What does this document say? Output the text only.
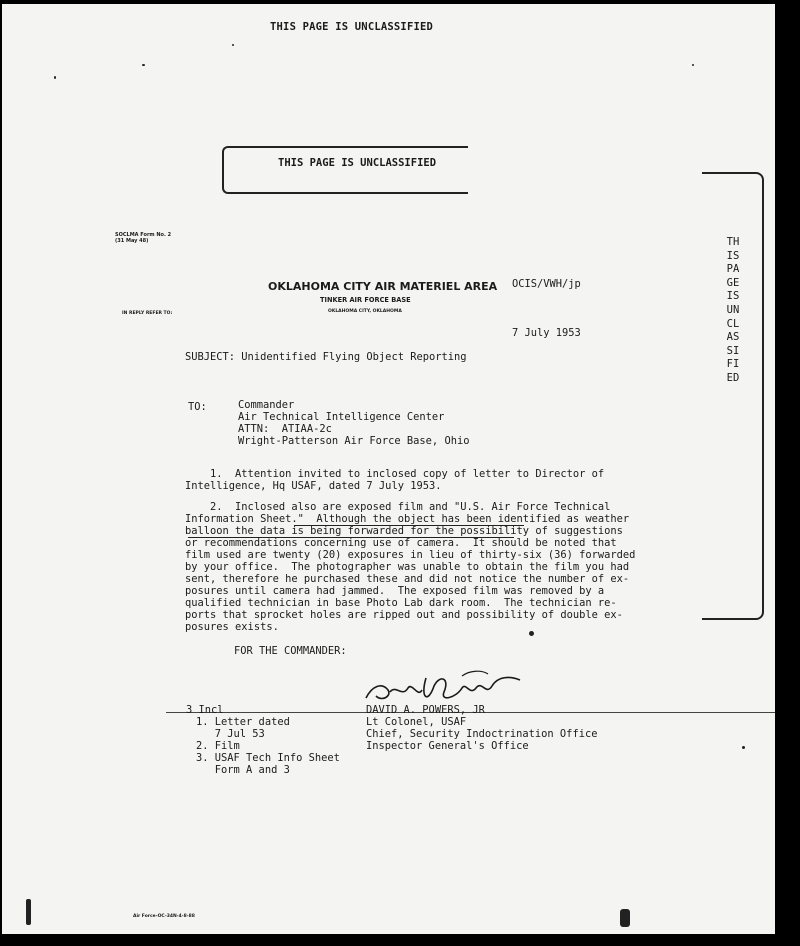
THIS PAGE IS UNCLASSIFIED
THIS PAGE IS UNCLASSIFIED
THIS PAGE IS UNCLASSIFIED
SOCLMA Form No. 2
(31 May 48)
IN REPLY REFER TO:
OKLAHOMA CITY AIR MATERIEL AREA
TINKER AIR FORCE BASE
OKLAHOMA CITY, OKLAHOMA
OCIS/VWH/jp
7 July 1953
SUBJECT: Unidentified Flying Object Reporting
TO:	Commander
Air Technical Intelligence Center
ATTN:  ATIAA-2c
Wright-Patterson Air Force Base, Ohio
1.  Attention invited to inclosed copy of letter to Director of
Intelligence, Hq USAF, dated 7 July 1953.
2.  Inclosed also are exposed film and "U.S. Air Force Technical
Information Sheet."  Although the object has been identified as weather
balloon the data is being forwarded for the possibility of suggestions
or recommendations concerning use of camera.  It should be noted that
film used are twenty (20) exposures in lieu of thirty-six (36) forwarded
by your office.  The photographer was unable to obtain the film you had
sent, therefore he purchased these and did not notice the number of ex-
posures until camera had jammed.  The exposed film was removed by a
qualified technician in base Photo Lab dark room.  The technician re-
ports that sprocket holes are ripped out and possibility of double ex-
posures exists.
FOR THE COMMANDER:
3 Incl
1. Letter dated
7 Jul 53
2. Film
3. USAF Tech Info Sheet
Form A and 3
DAVID A. POWERS, JR
Lt Colonel, USAF
Chief, Security Indoctrination Office
Inspector General's Office
Air Force-OC-34N-4-8-88
